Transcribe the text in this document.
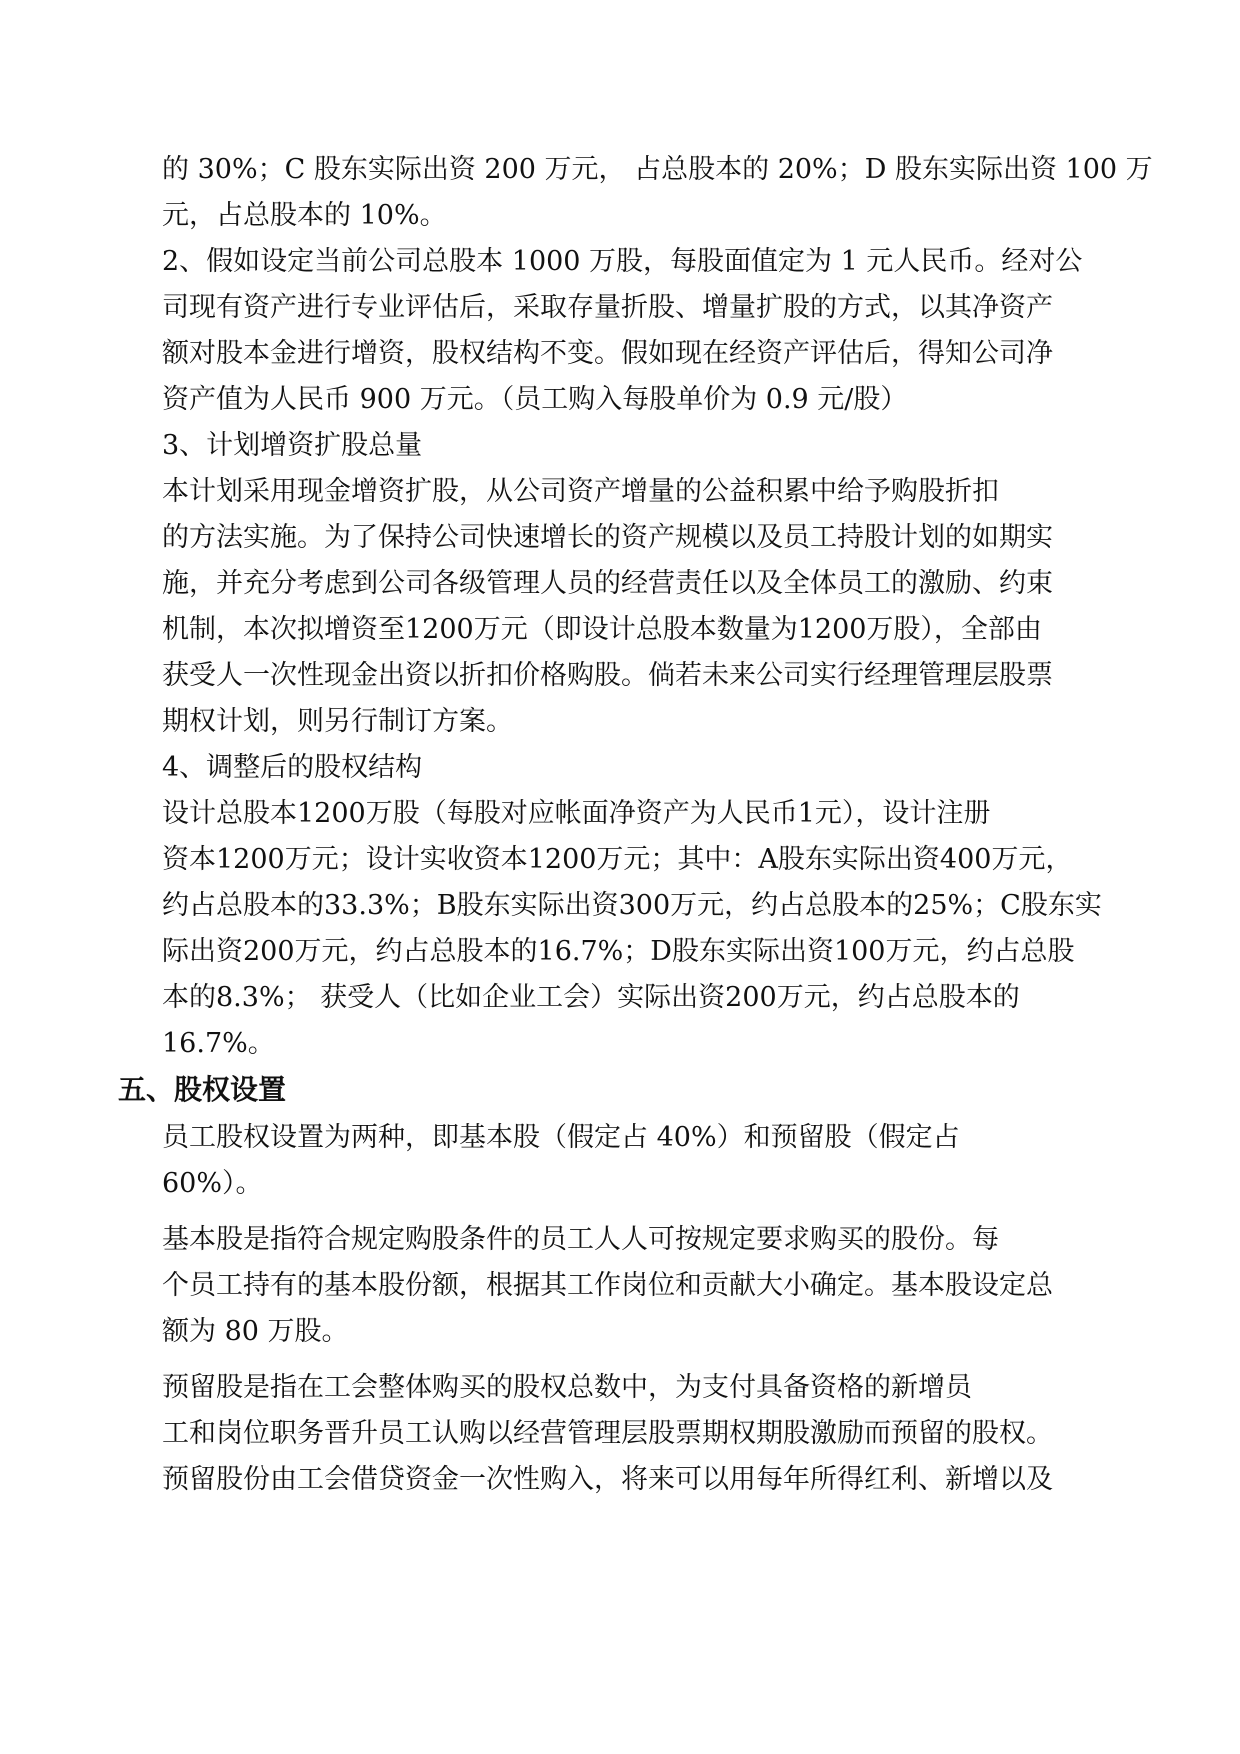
的 30%；C 股东实际出资 200 万元， 占总股本的 20%；D 股东实际出资 100 万
元，占总股本的 10%。
2、假如设定当前公司总股本 1000 万股，每股面值定为 1 元人民币。经对公
司现有资产进行专业评估后，采取存量折股、增量扩股的方式，以其净资产
额对股本金进行增资，股权结构不变。假如现在经资产评估后，得知公司净
资产值为人民币 900 万元。（员工购入每股单价为 0.9 元/股）
3、计划增资扩股总量
本计划采用现金增资扩股，从公司资产增量的公益积累中给予购股折扣
的方法实施。为了保持公司快速增长的资产规模以及员工持股计划的如期实
施，并充分考虑到公司各级管理人员的经营责任以及全体员工的激励、约束
机制，本次拟增资至1200万元（即设计总股本数量为1200万股），全部由
获受人一次性现金出资以折扣价格购股。倘若未来公司实行经理管理层股票
期权计划，则另行制订方案。
4、调整后的股权结构
设计总股本1200万股（每股对应帐面净资产为人民币1元），设计注册
资本1200万元；设计实收资本1200万元；其中：A股东实际出资400万元，
约占总股本的33.3%；B股东实际出资300万元，约占总股本的25%；C股东实
际出资200万元，约占总股本的16.7%；D股东实际出资100万元，约占总股
本的8.3%； 获受人（比如企业工会）实际出资200万元，约占总股本的
16.7%。
五、股权设置
员工股权设置为两种，即基本股（假定占 40%）和预留股（假定占
60%）。
基本股是指符合规定购股条件的员工人人可按规定要求购买的股份。每
个员工持有的基本股份额，根据其工作岗位和贡献大小确定。基本股设定总
额为 80 万股。
预留股是指在工会整体购买的股权总数中，为支付具备资格的新增员
工和岗位职务晋升员工认购以经营管理层股票期权期股激励而预留的股权。
预留股份由工会借贷资金一次性购入，将来可以用每年所得红利、新增以及
